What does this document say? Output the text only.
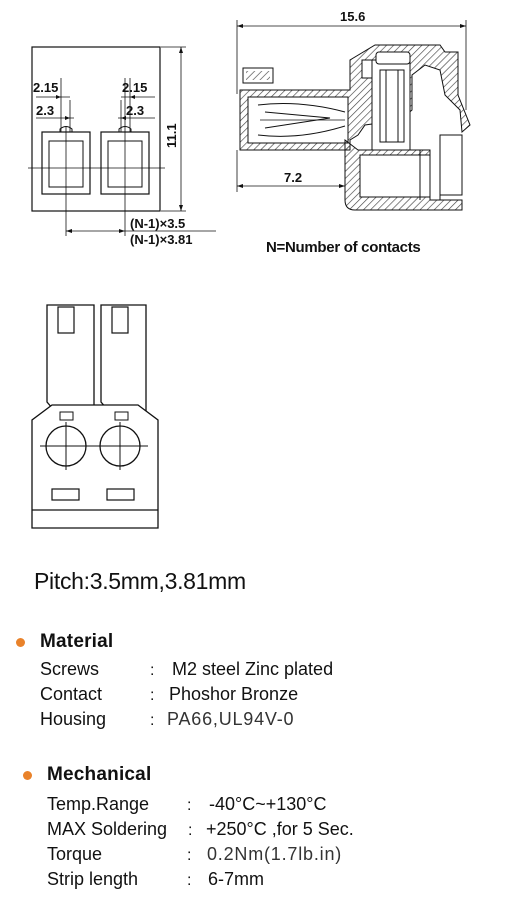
2.15
2.3
2.15
2.3
11.1
(N-1)×3.5
(N-1)×3.81
15.6
7.2
N=Number of contacts
Pitch:3.5mm,3.81mm
Material
Screws	: M2 steel Zinc plated
Contact	: Phoshor Bronze
Housing	: PA66,UL94V-0
Mechanical
Temp.Range : -40°C~+130°C
MAX Soldering : +250°C ,for 5 Sec.
Torque	: 0.2Nm(1.7lb.in)
Strip length	: 6-7mm
